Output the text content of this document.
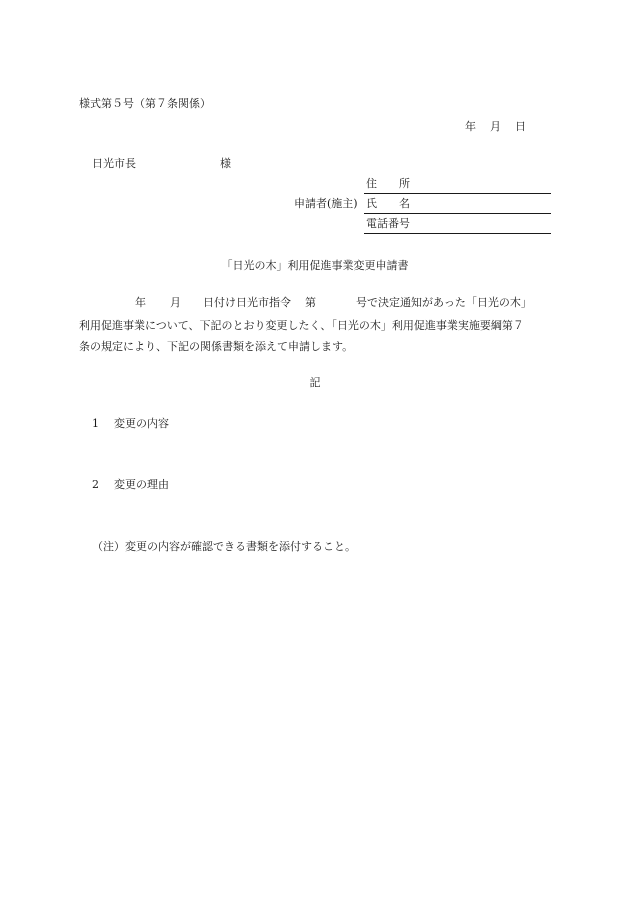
様式第５号（第７条関係）
年 月 日
日光市長	様
申請者(施主)
住 所
氏 名
電話番号
「日光の木」利用促進事業変更申請書
年 月 日付け日光市指令 第	号で決定通知があった「日光の木」
利用促進事業について、下記のとおり変更したく、「日光の木」利用促進事業実施要綱第７
条の規定により、下記の関係書類を添えて申請します。
記
1 変更の内容
2 変更の理由
（注）変更の内容が確認できる書類を添付すること。
